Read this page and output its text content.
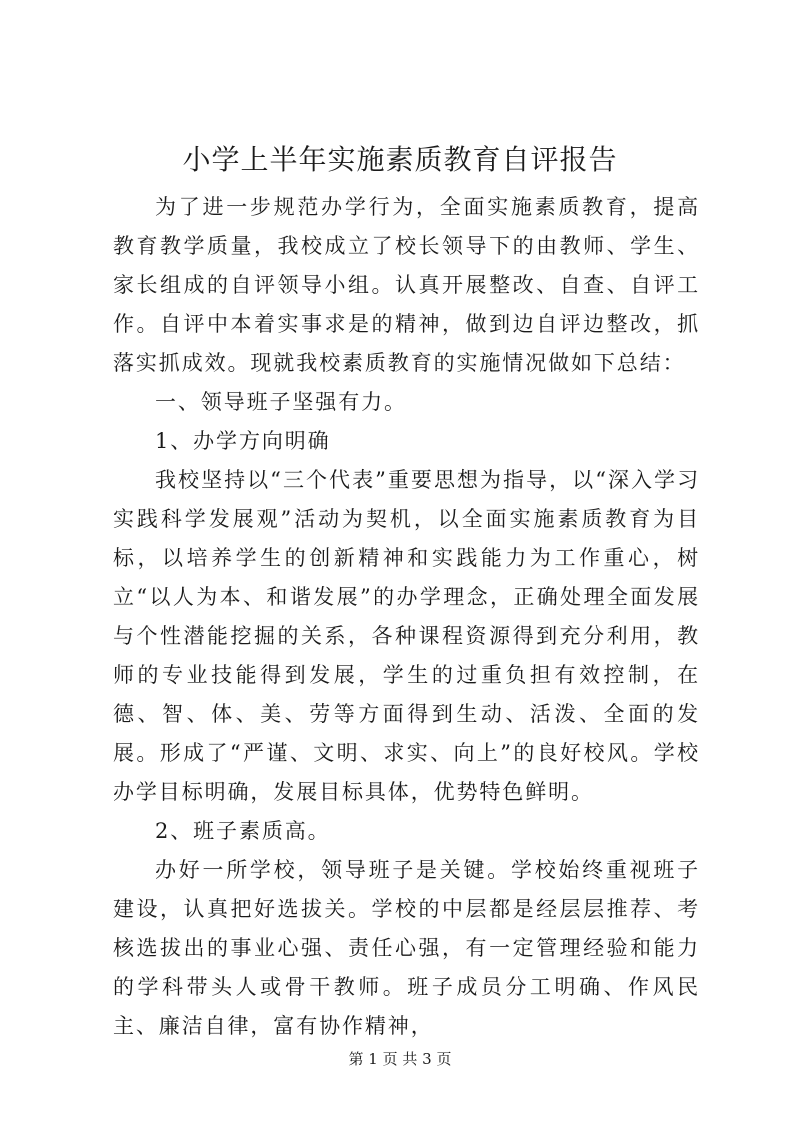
小学上半年实施素质教育自评报告

为了进一步规范办学行为，全面实施素质教育，提高教育教学质量，我校成立了校长领导下的由教师、学生、家长组成的自评领导小组。认真开展整改、自查、自评工作。自评中本着实事求是的精神，做到边自评边整改，抓落实抓成效。现就我校素质教育的实施情况做如下总结：

一、领导班子坚强有力。

1、办学方向明确

我校坚持以“三个代表”重要思想为指导，以“深入学习实践科学发展观”活动为契机，以全面实施素质教育为目标，以培养学生的创新精神和实践能力为工作重心，树立“以人为本、和谐发展”的办学理念，正确处理全面发展与个性潜能挖掘的关系，各种课程资源得到充分利用，教师的专业技能得到发展，学生的过重负担有效控制，在德、智、体、美、劳等方面得到生动、活泼、全面的发展。形成了“严谨、文明、求实、向上”的良好校风。学校办学目标明确，发展目标具体，优势特色鲜明。

2、班子素质高。

办好一所学校，领导班子是关键。学校始终重视班子建设，认真把好选拔关。学校的中层都是经层层推荐、考核选拔出的事业心强、责任心强，有一定管理经验和能力的学科带头人或骨干教师。班子成员分工明确、作风民主、廉洁自律，富有协作精神，

第 1 页 共 3 页
